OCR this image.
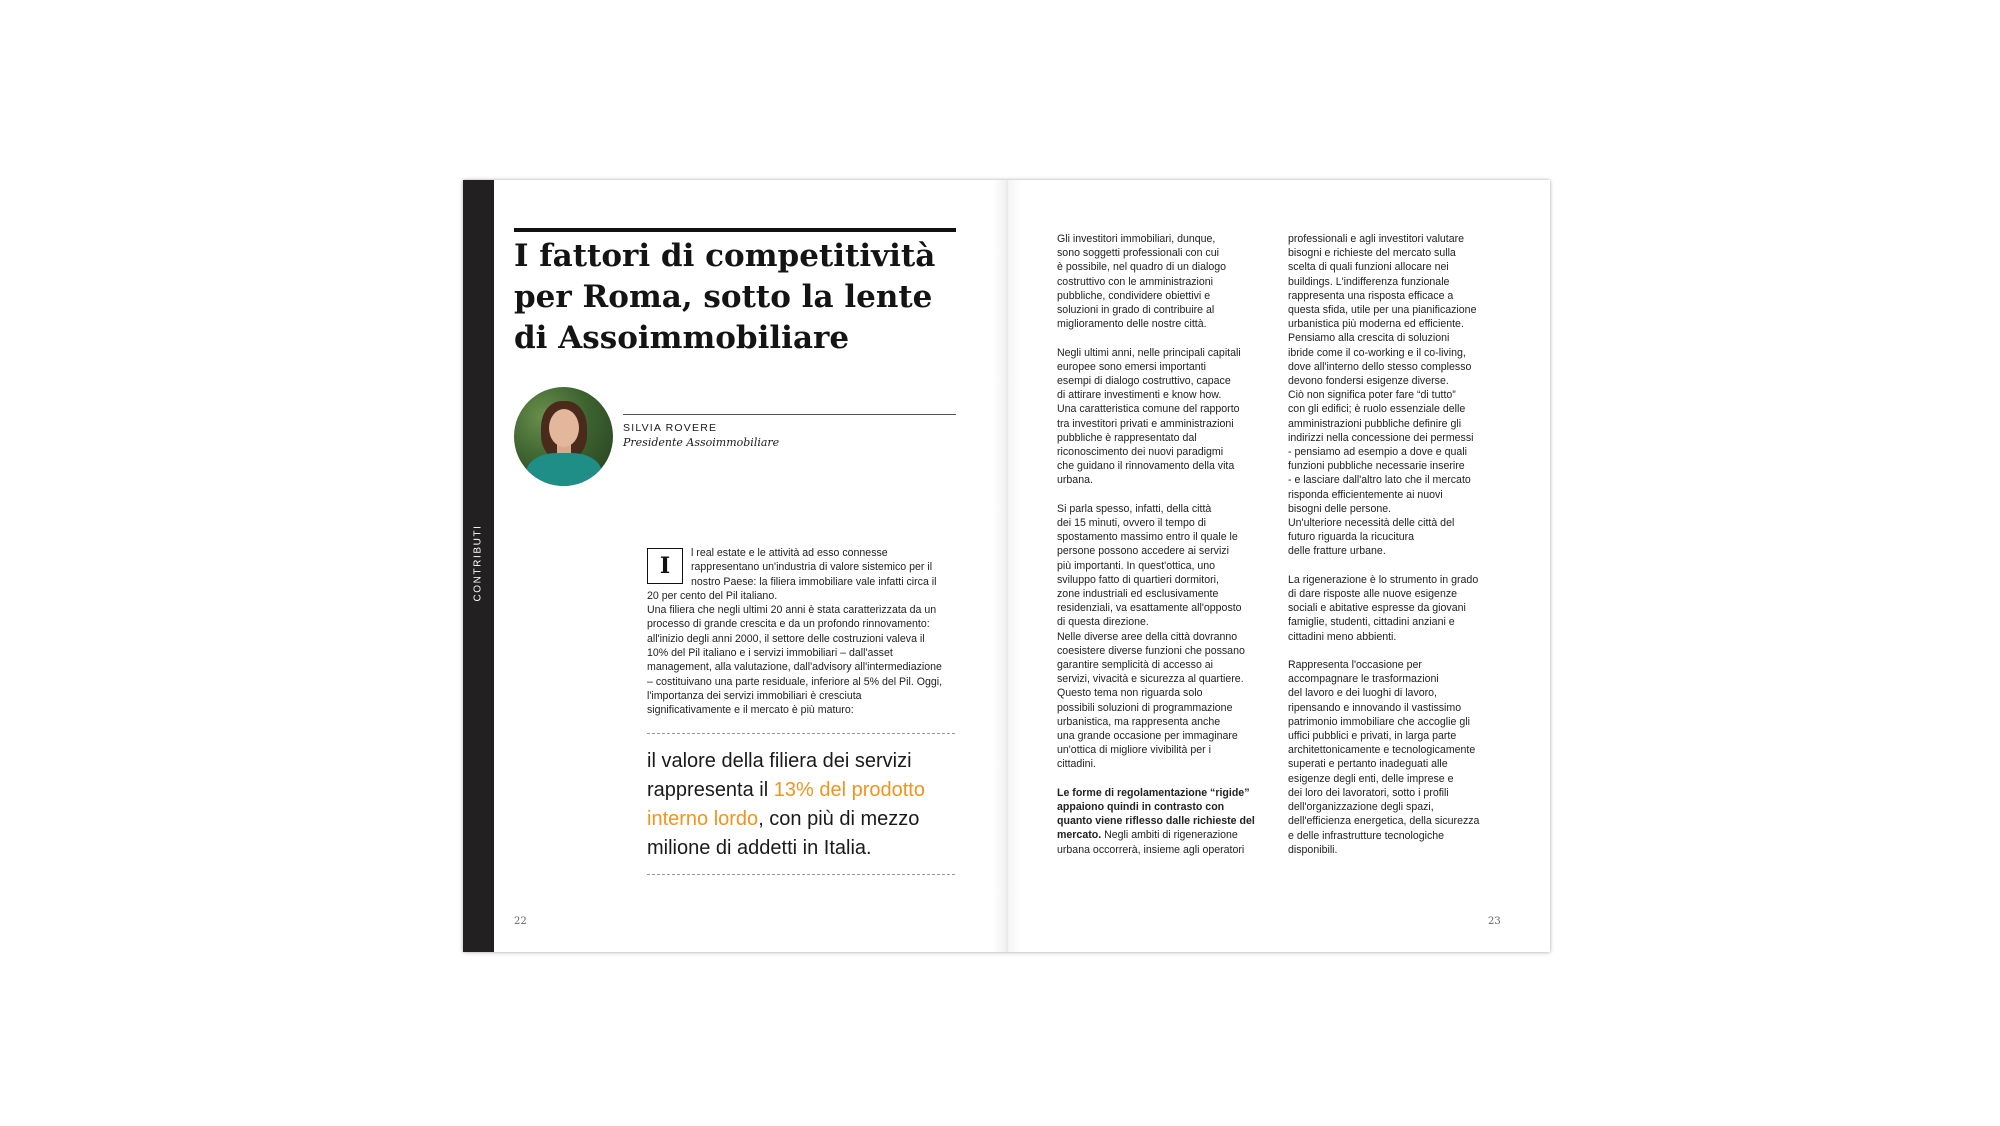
CONTRIBUTI
I fattori di competitività
per Roma, sotto la lente
di Assoimmobiliare
SILVIA ROVERE
Presidente Assoimmobiliare
I	l real estate e le attività ad esso connesse rappresentano un'industria di valore sistemico per il nostro Paese: la filiera immobiliare vale infatti circa il 20 per cento del Pil italiano.
Una filiera che negli ultimi 20 anni è stata caratterizzata da un processo di grande crescita e da un profondo rinnovamento: all'inizio degli anni 2000, il settore delle costruzioni valeva il 10% del Pil italiano e i servizi immobiliari – dall'asset management, alla valutazione, dall'advisory all'intermediazione – costituivano una parte residuale, inferiore al 5% del Pil. Oggi, l'importanza dei servizi immobiliari è cresciuta significativamente e il mercato è più maturo:
il valore della filiera dei servizi rappresenta il 13% del prodotto interno lordo, con più di mezzo milione di addetti in Italia.
22

Gli investitori immobiliari, dunque,
sono soggetti professionali con cui
è possibile, nel quadro di un dialogo
costruttivo con le amministrazioni
pubbliche, condividere obiettivi e
soluzioni in grado di contribuire al
miglioramento delle nostre città.

Negli ultimi anni, nelle principali capitali
europee sono emersi importanti
esempi di dialogo costruttivo, capace
di attirare investimenti e know how.
Una caratteristica comune del rapporto
tra investitori privati e amministrazioni
pubbliche è rappresentato dal
riconoscimento dei nuovi paradigmi
che guidano il rinnovamento della vita
urbana.

Si parla spesso, infatti, della città
dei 15 minuti, ovvero il tempo di
spostamento massimo entro il quale le
persone possono accedere ai servizi
più importanti. In quest'ottica, uno
sviluppo fatto di quartieri dormitori,
zone industriali ed esclusivamente
residenziali, va esattamente all'opposto
di questa direzione.
Nelle diverse aree della città dovranno
coesistere diverse funzioni che possano
garantire semplicità di accesso ai
servizi, vivacità e sicurezza al quartiere.
Questo tema non riguarda solo
possibili soluzioni di programmazione
urbanistica, ma rappresenta anche
una grande occasione per immaginare
un'ottica di migliore vivibilità per i
cittadini.

Le forme di regolamentazione “rigide”
appaiono quindi in contrasto con
quanto viene riflesso dalle richieste del
mercato. Negli ambiti di rigenerazione
urbana occorrerà, insieme agli operatori

professionali e agli investitori valutare
bisogni e richieste del mercato sulla
scelta di quali funzioni allocare nei
buildings. L'indifferenza funzionale
rappresenta una risposta efficace a
questa sfida, utile per una pianificazione
urbanistica più moderna ed efficiente.
Pensiamo alla crescita di soluzioni
ibride come il co-working e il co-living,
dove all'interno dello stesso complesso
devono fondersi esigenze diverse.
Ciò non significa poter fare “di tutto”
con gli edifici; è ruolo essenziale delle
amministrazioni pubbliche definire gli
indirizzi nella concessione dei permessi
- pensiamo ad esempio a dove e quali
funzioni pubbliche necessarie inserire
- e lasciare dall'altro lato che il mercato
risponda efficientemente ai nuovi
bisogni delle persone.
Un'ulteriore necessità delle città del
futuro riguarda la ricucitura
delle fratture urbane.

La rigenerazione è lo strumento in grado
di dare risposte alle nuove esigenze
sociali e abitative espresse da giovani
famiglie, studenti, cittadini anziani e
cittadini meno abbienti.

Rappresenta l'occasione per
accompagnare le trasformazioni
del lavoro e dei luoghi di lavoro,
ripensando e innovando il vastissimo
patrimonio immobiliare che accoglie gli
uffici pubblici e privati, in larga parte
architettonicamente e tecnologicamente
superati e pertanto inadeguati alle
esigenze degli enti, delle imprese e
dei loro dei lavoratori, sotto i profili
dell'organizzazione degli spazi,
dell'efficienza energetica, della sicurezza
e delle infrastrutture tecnologiche
disponibili.

23
